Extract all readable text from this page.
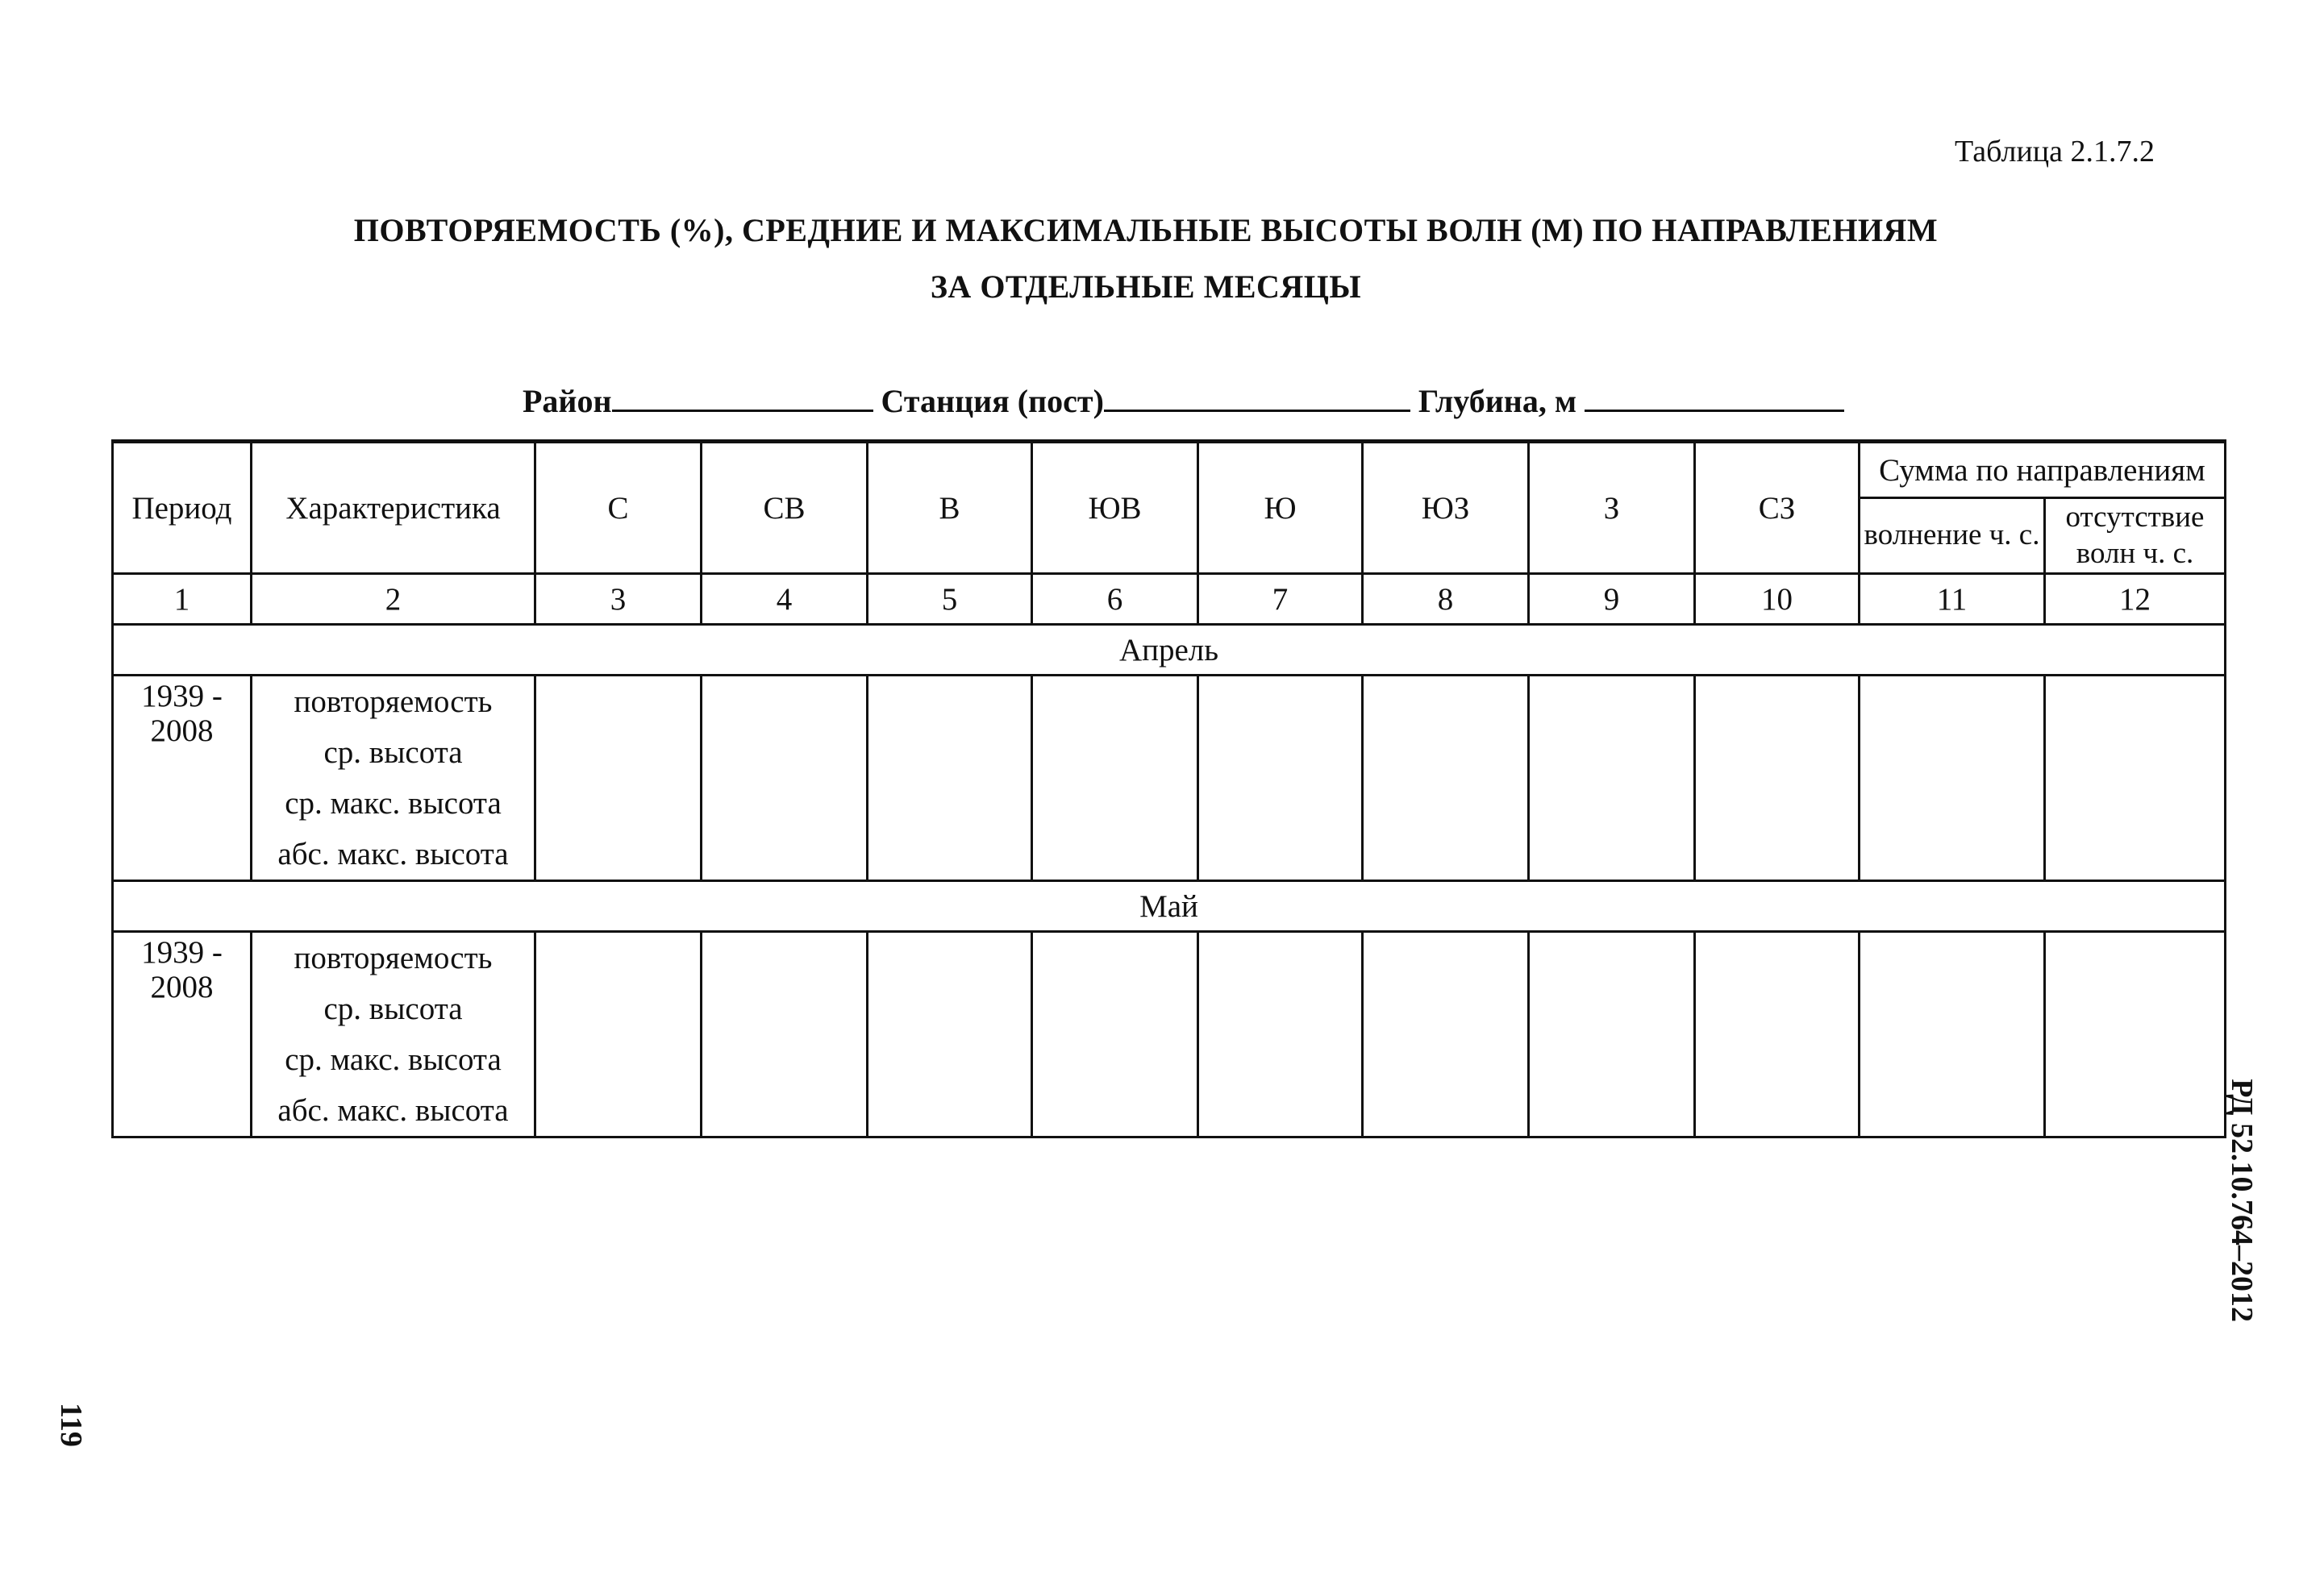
Таблица 2.1.7.2
ПОВТОРЯЕМОСТЬ (%), СРЕДНИЕ И МАКСИМАЛЬНЫЕ ВЫСОТЫ ВОЛН (М) ПО НАПРАВЛЕНИЯМ
ЗА ОТДЕЛЬНЫЕ МЕСЯЦЫ
Район	Станция (пост)	Глубина, м
Период	Характеристика	С	СВ	В	ЮВ	Ю	ЮЗ	З	СЗ	Сумма по направлениям	
										волнение ч. с.	отсутствие волн ч. с.
1	2	3	4	5	6	7	8	9	10	11	12
Апрель											
1939 - 2008	повторяемость
ср. высота
ср. макс. высота
абс. макс. высота										

Май											
1939 - 2008	повторяемость
ср. высота
ср. макс. высота
абс. макс. высота										
											РД 52.10.764–2012
119
